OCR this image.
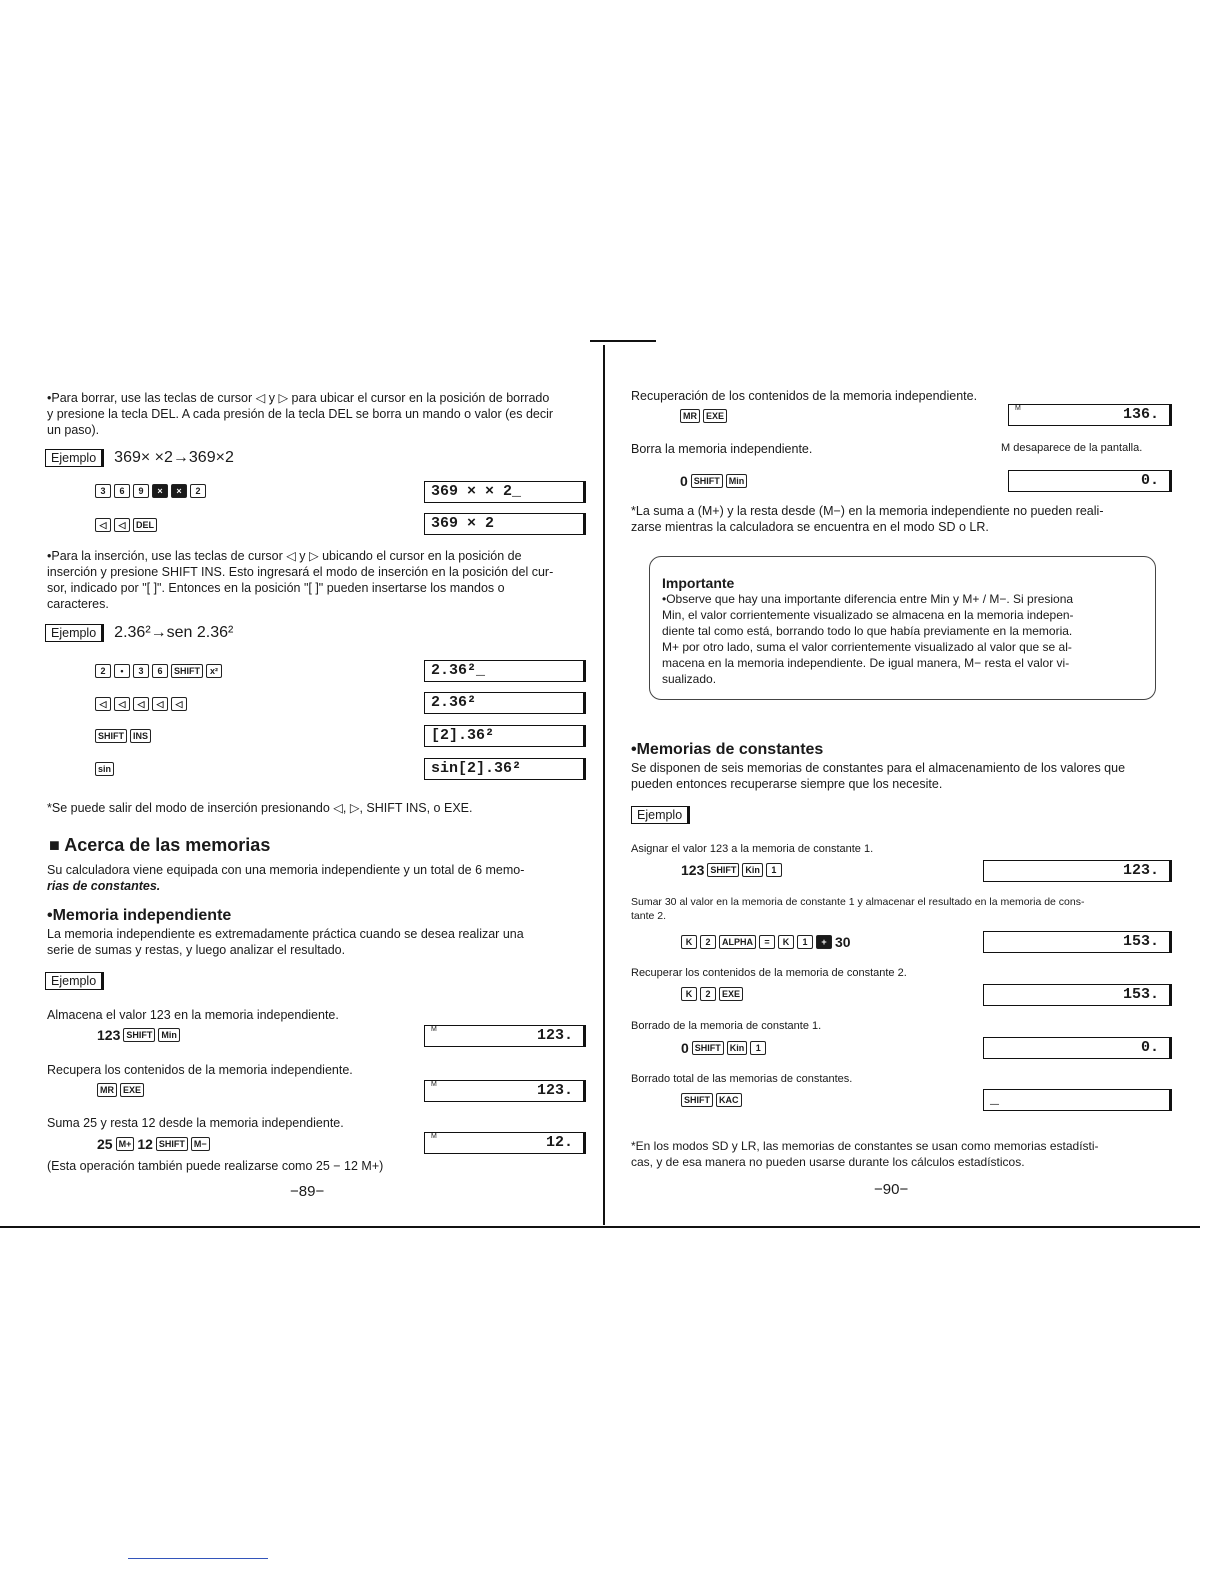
•Para borrar, use las teclas de cursor ◁ y ▷ para ubicar el cursor en la posición de borrado
y presione la tecla DEL. A cada presión de la tecla DEL se borra un mando o valor (es decir
un paso).
Ejemplo	369× ×2→369×2
3	6	9	×	×	2	369 × × 2_
◁	◁	DEL	369 × 2
•Para la inserción, use las teclas de cursor ◁ y ▷ ubicando el cursor en la posición de
inserción y presione SHIFT INS. Esto ingresará el modo de inserción en la posición del cur-
sor, indicado por "[ ]". Entonces en la posición "[ ]" pueden insertarse los mandos o
caracteres.
Ejemplo	2.36²→sen 2.36²
2	•	3	6	SHIFT	x²	2.36²_
◁	◁	◁	◁	◁	2.36²
SHIFT	INS	[2].36²
sin	sin[2].36²
*Se puede salir del modo de inserción presionando ◁, ▷, SHIFT INS, o EXE.
■ Acerca de las memorias
Su calculadora viene equipada con una memoria independiente y un total de 6 memo-
rias de constantes.
•Memoria independiente
La memoria independiente es extremadamente práctica cuando se desea realizar una
serie de sumas y restas, y luego analizar el resultado.
Ejemplo
Almacena el valor 123 en la memoria independiente.
123 SHIFT	Min
M	123.
Recupera los contenidos de la memoria independiente.
MR	EXE
M	123.
Suma 25 y resta 12 desde la memoria independiente.
25 M+ 12 SHIFT	M−
M	12.
(Esta operación también puede realizarse como 25 − 12 M+)
−89−
Recuperación de los contenidos de la memoria independiente.
MR	EXE
M	136.
Borra la memoria independiente.	M desaparece de la pantalla.
0 SHIFT	Min	0.
*La suma a (M+) y la resta desde (M−) en la memoria independiente no pueden reali-
zarse mientras la calculadora se encuentra en el modo SD o LR.
Importante
•Observe que hay una importante diferencia entre Min y M+ / M−. Si presiona
Min, el valor corrientemente visualizado se almacena en la memoria indepen-
diente tal como está, borrando todo lo que había previamente en la memoria.
M+ por otro lado, suma el valor corrientemente visualizado al valor que se al-
macena en la memoria independiente. De igual manera, M− resta el valor vi-
sualizado.
•Memorias de constantes
Se disponen de seis memorias de constantes para el almacenamiento de los valores que
pueden entonces recuperarse siempre que los necesite.
Ejemplo
Asignar el valor 123 a la memoria de constante 1.
123 SHIFT	Kin	1	123.
Sumar 30 al valor en la memoria de constante 1 y almacenar el resultado en la memoria de cons-
tante 2.
K	2	ALPHA	=	K	1	+ 30	153.
Recuperar los contenidos de la memoria de constante 2.
K	2	EXE	153.
Borrado de la memoria de constante 1.
0 SHIFT	Kin	1	0.
Borrado total de las memorias de constantes.
SHIFT	KAC	_
*En los modos SD y LR, las memorias de constantes se usan como memorias estadísti-
cas, y de esa manera no pueden usarse durante los cálculos estadísticos.
−90−
